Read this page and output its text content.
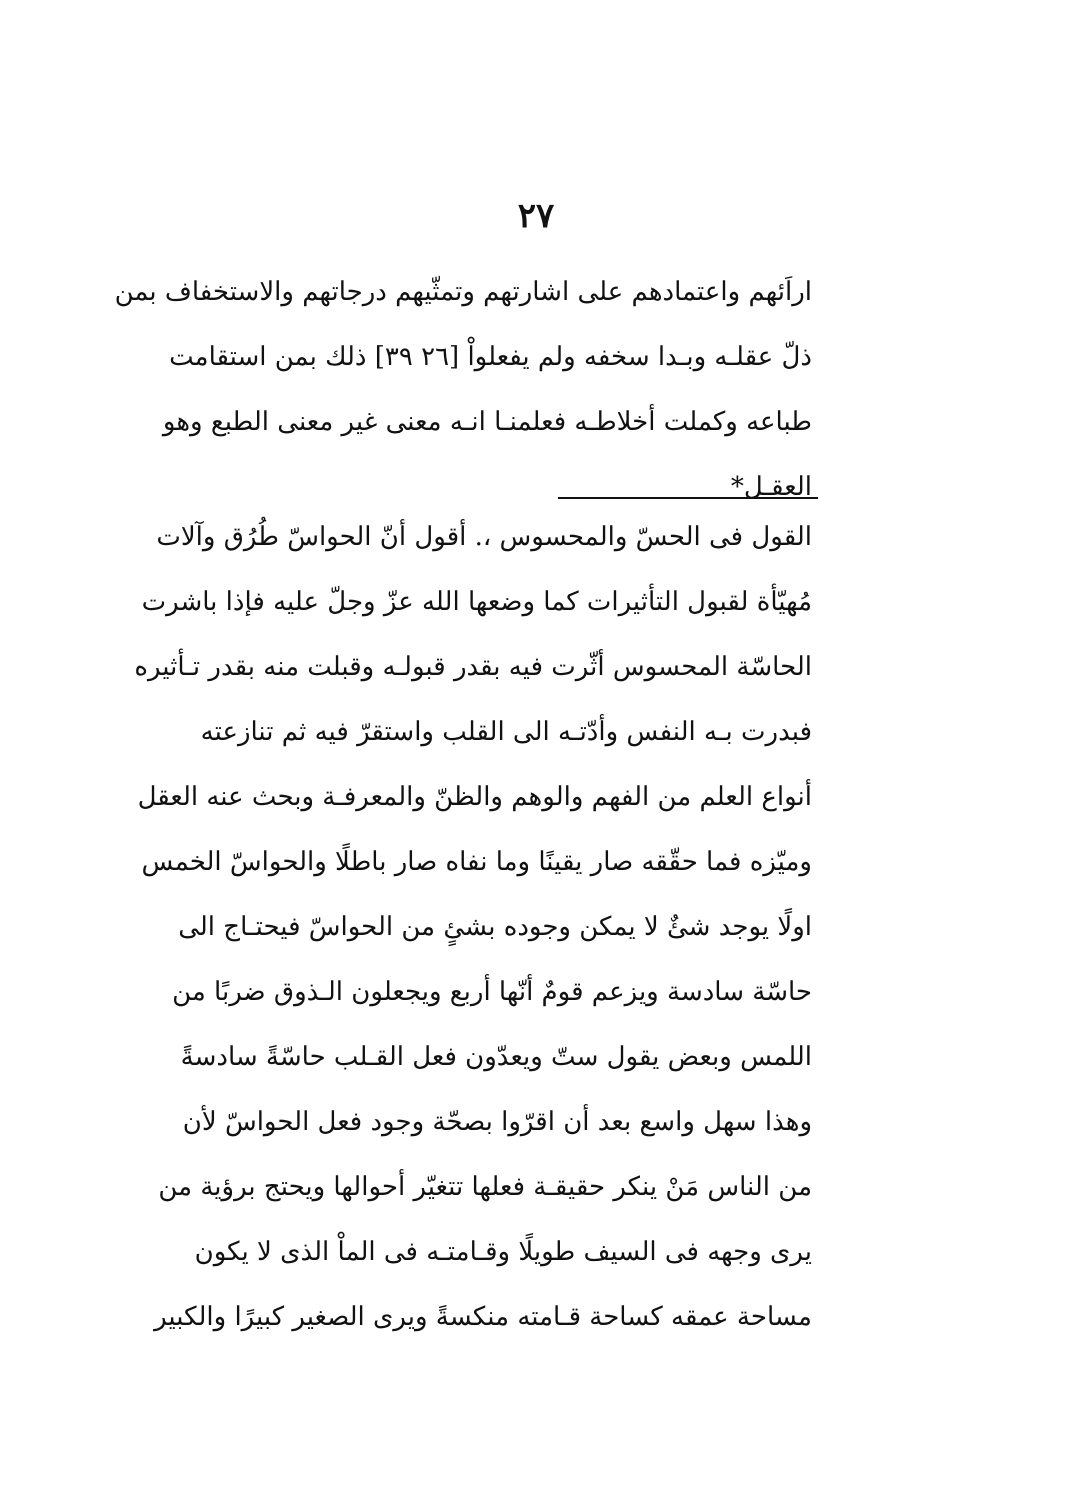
٢٧
اراَئهم واعتمادهم على اشارتهم وتمثّيهم درجاتهم والاستخفاف بمن
ذلّ عقلـه وبـدا سخفه ولم يفعلواْ [٢٦ ٣٩] ذلك بمن استقامت
طباعه وكملت أخلاطـه فعلمنـا انـه معنى غير معنى الطبع وهو
العقـل*
القول فى الحسّ والمحسوس ،. أقول أنّ الحواسّ طُرُق وآلات
مُهيّأة لقبول التأثيرات كما وضعها الله عزّ وجلّ عليه فإذا باشرت
الحاسّة المحسوس أثّرت فيه بقدر قبولـه وقبلت منه بقدر تـأثيره
فبدرت بـه النفس وأدّتـه الى القلب واستقرّ فيه ثم تنازعته
أنواع العلم من الفهم والوهم والظنّ والمعرفـة وبحث عنه العقل
وميّزه فما حقّقه صار يقينًا وما نفاه صار باطلًا والحواسّ الخمس
اولًا يوجد شئٌ لا يمكن وجوده بشئٍ من الحواسّ فيحتـاج الى
حاسّة سادسة ويزعم قومٌ أنّها أربع ويجعلون الـذوق ضربًا من
اللمس وبعض يقول ستّ ويعدّون فعل القـلب حاسّةً سادسةً
وهذا سهل واسع بعد أن اقرّوا بصحّة وجود فعل الحواسّ لأن
من الناس مَنْ ينكر حقيقـة فعلها تتغيّر أحوالها ويحتج برؤية من
يرى وجهه فى السيف طويلًا وقـامتـه فى الماْ الذى لا يكون
مساحة عمقه كساحة قـامته منكسةً ويرى الصغير كبيرًا والكبير
